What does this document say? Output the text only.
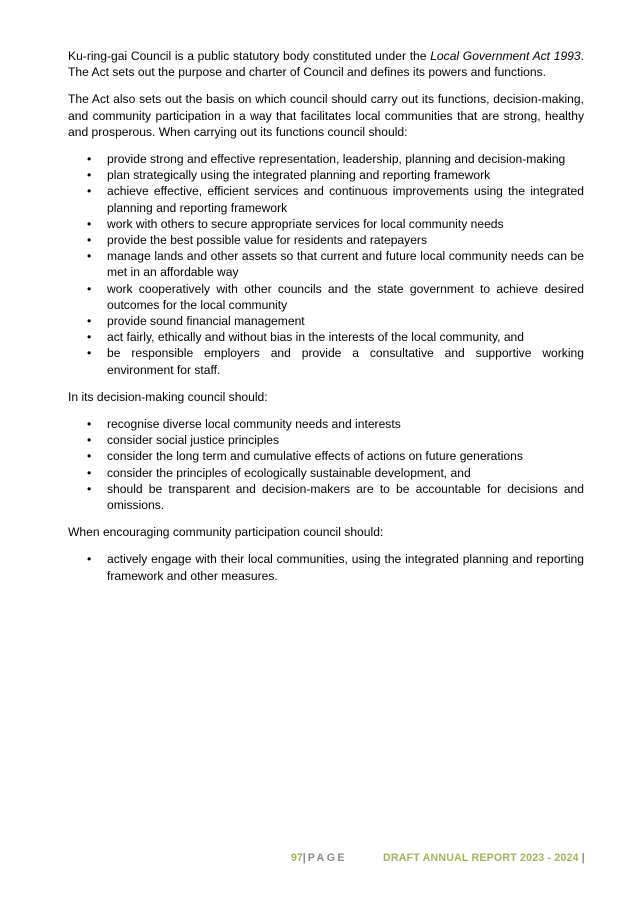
Ku-ring-gai Council is a public statutory body constituted under the Local Government Act 1993. The Act sets out the purpose and charter of Council and defines its powers and functions.

The Act also sets out the basis on which council should carry out its functions, decision-making, and community participation in a way that facilitates local communities that are strong, healthy and prosperous. When carrying out its functions council should:

• provide strong and effective representation, leadership, planning and decision-making
• plan strategically using the integrated planning and reporting framework
• achieve effective, efficient services and continuous improvements using the integrated planning and reporting framework
• work with others to secure appropriate services for local community needs
• provide the best possible value for residents and ratepayers
• manage lands and other assets so that current and future local community needs can be met in an affordable way
• work cooperatively with other councils and the state government to achieve desired outcomes for the local community
• provide sound financial management
• act fairly, ethically and without bias in the interests of the local community, and
• be responsible employers and provide a consultative and supportive working environment for staff.

In its decision-making council should:

• recognise diverse local community needs and interests
• consider social justice principles
• consider the long term and cumulative effects of actions on future generations
• consider the principles of ecologically sustainable development, and
• should be transparent and decision-makers are to be accountable for decisions and omissions.

When encouraging community participation council should:

• actively engage with their local communities, using the integrated planning and reporting framework and other measures.
97| PAGE	DRAFT ANNUAL REPORT 2023 - 2024 |
